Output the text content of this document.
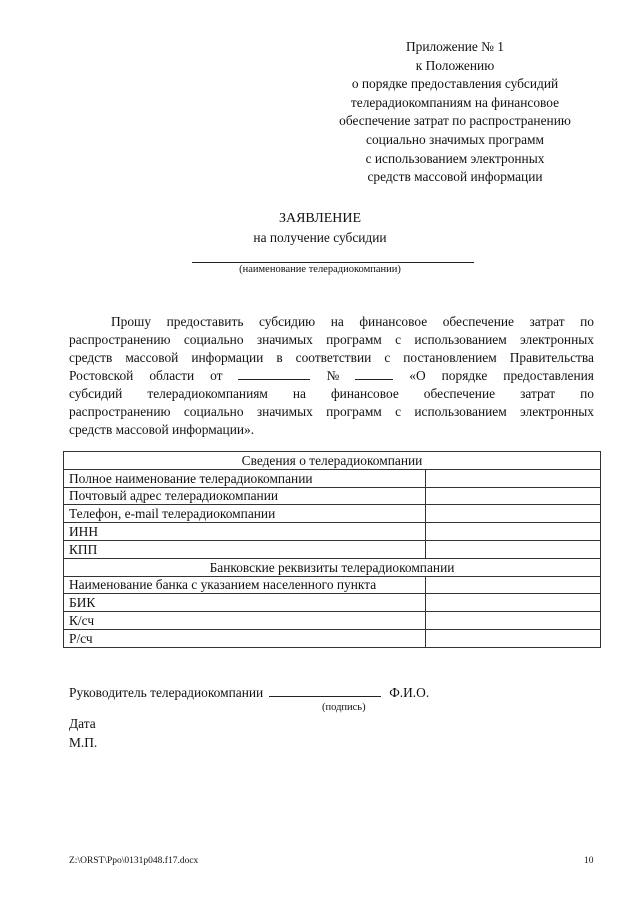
Приложение № 1
к Положению
о порядке предоставления субсидий
телерадиокомпаниям на финансовое
обеспечение затрат по распространению
социально значимых программ
с использованием электронных
средств массовой информации
ЗАЯВЛЕНИЕ
на получение субсидии
(наименование телерадиокомпании)
Прошу предоставить субсидию на финансовое обеспечение затрат по
распространению социально значимых программ с использованием электронных
средств массовой информации в соответствии с постановлением Правительства
Ростовской области от	№	«О порядке предоставления
субсидий телерадиокомпаниям на финансовое обеспечение затрат по
распространению социально значимых программ с использованием электронных
средств массовой информации».
Сведения о телерадиокомпании	
Полное наименование телерадиокомпании	
Почтовый адрес телерадиокомпании	
Телефон, e-mail телерадиокомпании	
ИНН	
КПП	
Банковские реквизиты телерадиокомпании	
Наименование банка с указанием населенного пункта	
БИК	
К/сч	
Р/сч	
Руководитель телерадиокомпании	Ф.И.О.
(подпись)
Дата
М.П.
Z:\ORST\Ppo\0131p048.f17.docx	10
